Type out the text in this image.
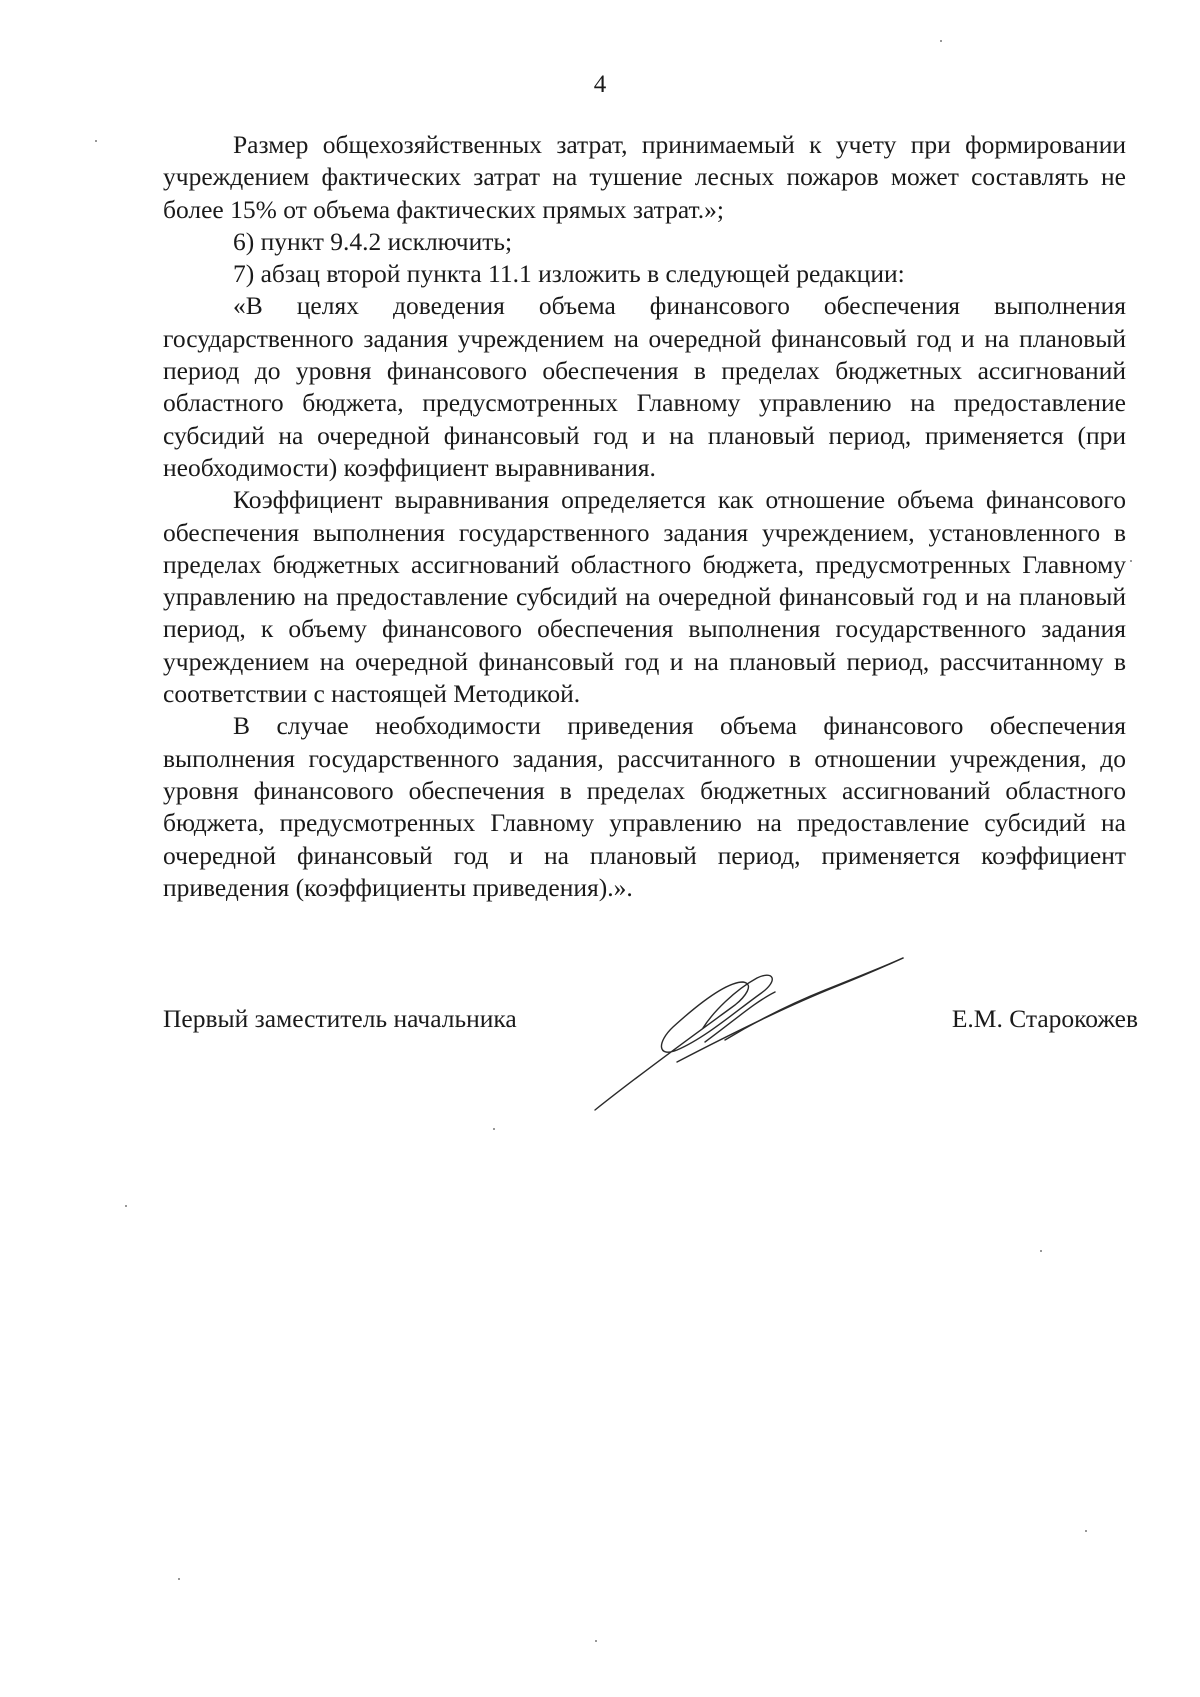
4

Размер общехозяйственных затрат, принимаемый к учету при формировании учреждением фактических затрат на тушение лесных пожаров может составлять не более 15% от объема фактических прямых затрат.»;

6) пункт 9.4.2 исключить;

7) абзац второй пункта 11.1 изложить в следующей редакции:

«В целях доведения объема финансового обеспечения выполнения государственного задания учреждением на очередной финансовый год и на плановый период до уровня финансового обеспечения в пределах бюджетных ассигнований областного бюджета, предусмотренных Главному управлению на предоставление субсидий на очередной финансовый год и на плановый период, применяется (при необходимости) коэффициент выравнивания.

Коэффициент выравнивания определяется как отношение объема финансового обеспечения выполнения государственного задания учреждением, установленного в пределах бюджетных ассигнований областного бюджета, предусмотренных Главному управлению на предоставление субсидий на очередной финансовый год и на плановый период, к объему финансового обеспечения выполнения государственного задания учреждением на очередной финансовый год и на плановый период, рассчитанному в соответствии с настоящей Методикой.

В случае необходимости приведения объема финансового обеспечения выполнения государственного задания, рассчитанного в отношении учреждения, до уровня финансового обеспечения в пределах бюджетных ассигнований областного бюджета, предусмотренных Главному управлению на предоставление субсидий на очередной финансовый год и на плановый период, применяется коэффициент приведения (коэффициенты приведения).».

Первый заместитель начальника	Е.М. Старокожев
